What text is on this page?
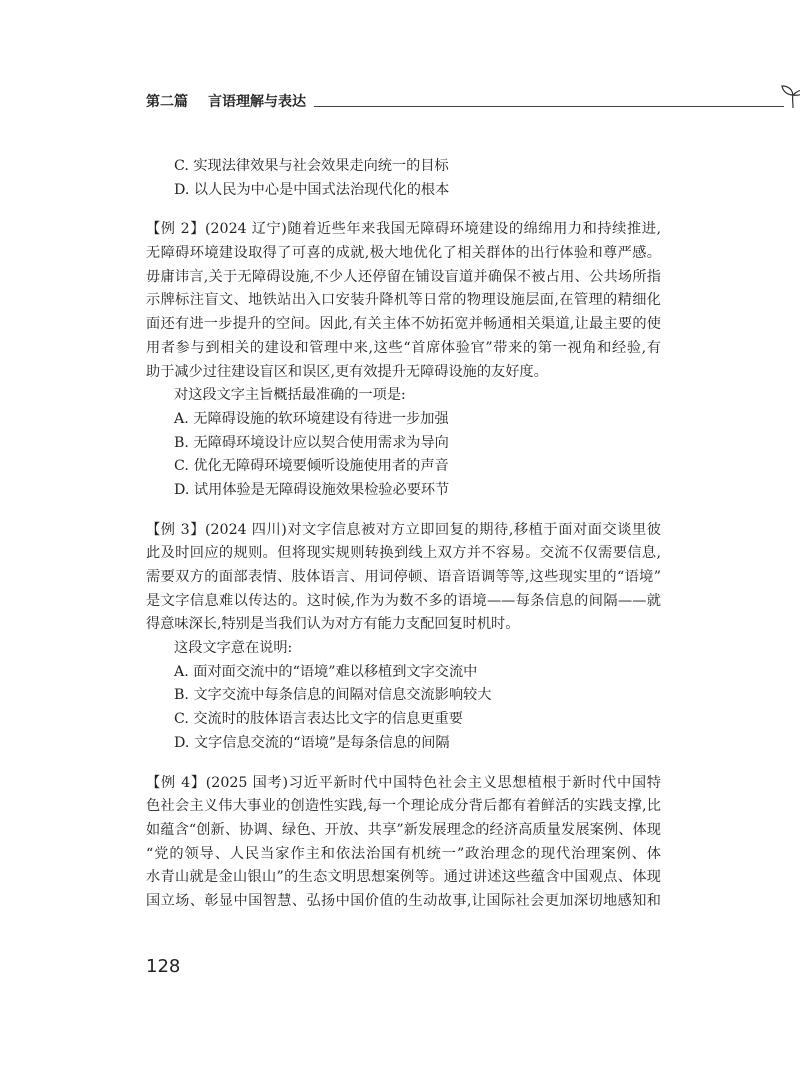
第二篇 言语理解与表达
C. 实现法律效果与社会效果走向统一的目标
D. 以人民为中心是中国式法治现代化的根本
【例 2】(2024 辽宁)随着近些年来我国无障碍环境建设的绵绵用力和持续推进,
无障碍环境建设取得了可喜的成就,极大地优化了相关群体的出行体验和尊严感。
毋庸讳言,关于无障碍设施,不少人还停留在铺设盲道并确保不被占用、公共场所指
示牌标注盲文、地铁站出入口安装升降机等日常的物理设施层面,在管理的精细化
面还有进一步提升的空间。因此,有关主体不妨拓宽并畅通相关渠道,让最主要的使
用者参与到相关的建设和管理中来,这些“首席体验官”带来的第一视角和经验,有
助于减少过往建设盲区和误区,更有效提升无障碍设施的友好度。
对这段文字主旨概括最准确的一项是:
A. 无障碍设施的软环境建设有待进一步加强
B. 无障碍环境设计应以契合使用需求为导向
C. 优化无障碍环境要倾听设施使用者的声音
D. 试用体验是无障碍设施效果检验必要环节
【例 3】(2024 四川)对文字信息被对方立即回复的期待,移植于面对面交谈里彼
此及时回应的规则。但将现实规则转换到线上双方并不容易。交流不仅需要信息,
需要双方的面部表情、肢体语言、用词停顿、语音语调等等,这些现实里的“语境”
是文字信息难以传达的。这时候,作为为数不多的语境——每条信息的间隔——就
得意味深长,特别是当我们认为对方有能力支配回复时机时。
这段文字意在说明:
A. 面对面交流中的“语境”难以移植到文字交流中
B. 文字交流中每条信息的间隔对信息交流影响较大
C. 交流时的肢体语言表达比文字的信息更重要
D. 文字信息交流的“语境”是每条信息的间隔
【例 4】(2025 国考)习近平新时代中国特色社会主义思想植根于新时代中国特
色社会主义伟大事业的创造性实践,每一个理论成分背后都有着鲜活的实践支撑,比
如蕴含“创新、协调、绿色、开放、共享”新发展理念的经济高质量发展案例、体现
“党的领导、人民当家作主和依法治国有机统一”政治理念的现代治理案例、体
水青山就是金山银山”的生态文明思想案例等。通过讲述这些蕴含中国观点、体现
国立场、彰显中国智慧、弘扬中国价值的生动故事,让国际社会更加深切地感知和
128
